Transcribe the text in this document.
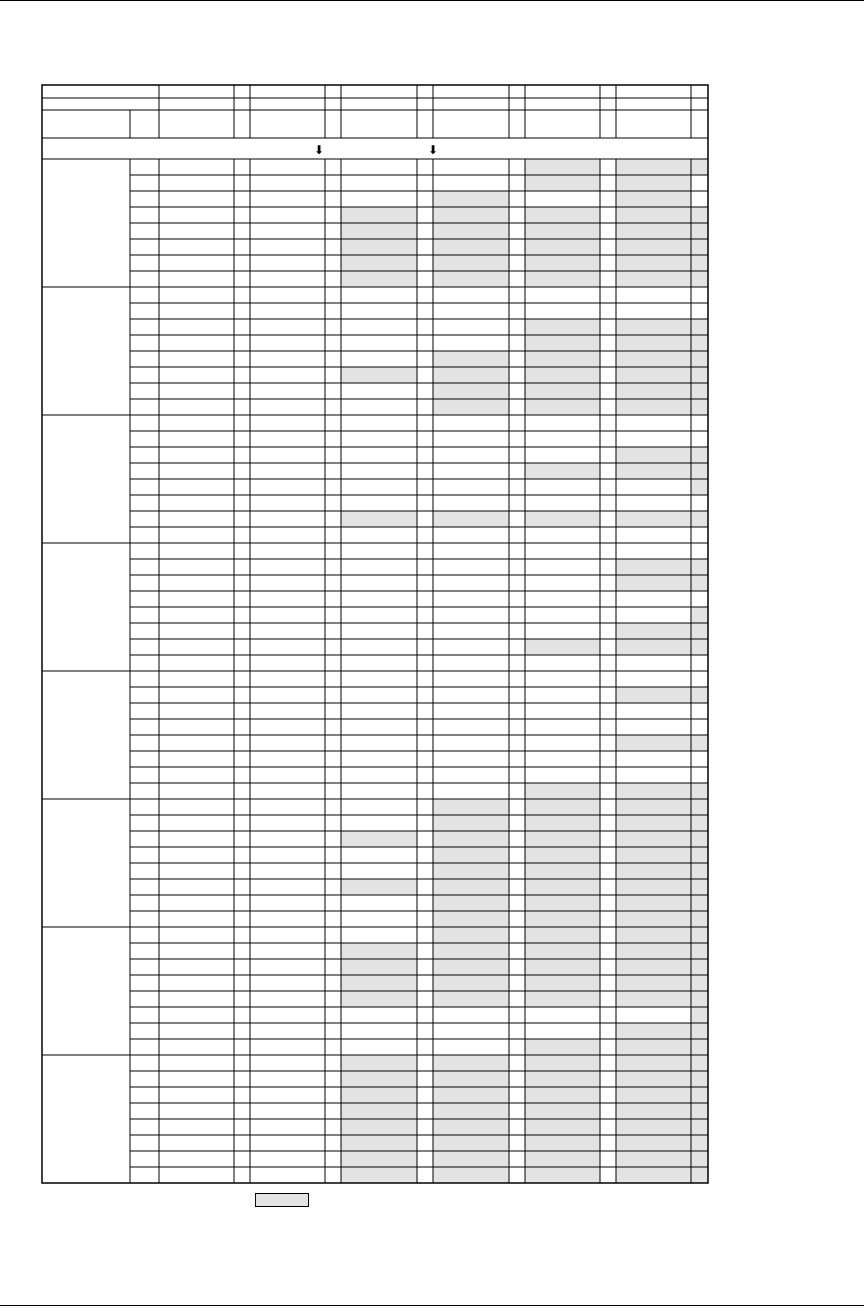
⬇	⬇
